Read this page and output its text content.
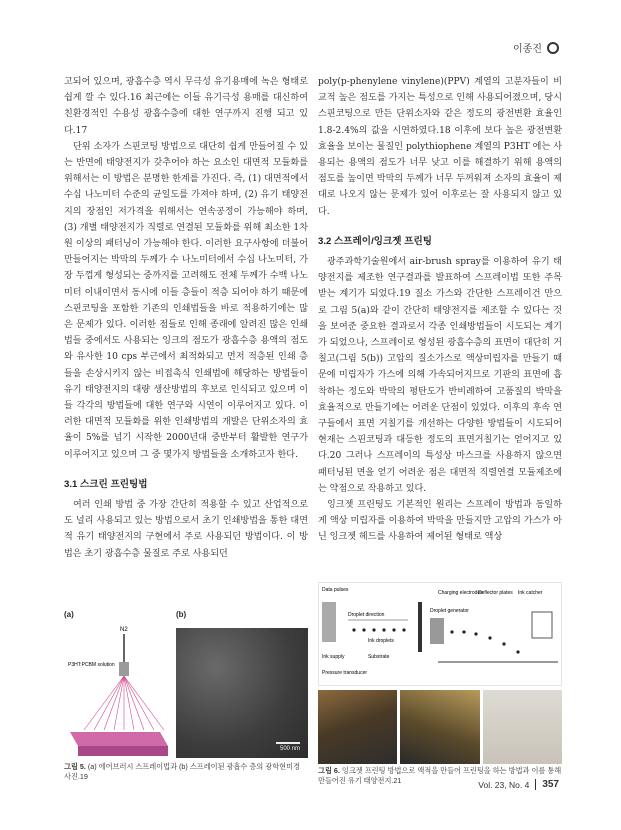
이종진

고되어 있으며, 광흡수층 역시 무극성 유기용매에 녹은 형태로 쉽게 깔 수 있다.16 최근에는 이들 유기극성 용매를 대신하여 친환경적인 수용성 광흡수층에 대한 연구까지 진행 되고 있다.17

단위 소자가 스핀코팅 방법으로 대단히 쉽게 만들어질 수 있는 반면에 태양전지가 갖추어야 하는 요소인 대면적 모듈화를 위해서는 이 방법은 분명한 한계를 가진다. 즉, (1) 대면적에서 수십 나노미터 수준의 균일도를 가져야 하며, (2) 유기 태양전지의 장점인 저가격을 위해서는 연속공정이 가능해야 하며, (3) 개별 태양전지가 직렬로 연결된 모듈화를 위해 최소한 1차원 이상의 패터닝이 가능해야 한다. 이러한 요구사항에 더불어 만들어지는 박막의 두께가 수 나노미터에서 수십 나노미터, 가장 두껍게 형성되는 중까지를 고려해도 전체 두께가 수백 나노미터 이내이면서 동시에 이들 층들이 적층 되어야 하기 때문에 스핀코팅을 포함한 기존의 인쇄법들을 바로 적용하기에는 많은 문제가 있다. 이러한 점들로 인해 종래에 알려진 많은 인쇄법들 중에서도 사용되는 잉크의 점도가 광흡수층 용액의 점도와 유사한 10 cps 부근에서 최적화되고 먼저 적층된 인쇄 층들을 손상시키지 않는 비접촉식 인쇄법에 해당하는 방법들이 유기 태양전지의 대량 생산방법의 후보로 인식되고 있으며 이들 각각의 방법들에 대한 연구와 시연이 이루어지고 있다. 이러한 대면적 모듈화를 위한 인쇄방법의 개발은 단위소자의 효율이 5%를 넘기 시작한 2000년대 중반부터 활발한 연구가 이루어지고 있으며 그 중 몇가지 방법들을 소개하고자 한다.

3.1 스크린 프린팅법

여러 인쇄 방법 중 가장 간단히 적용할 수 있고 산업적으로도 널리 사용되고 있는 방법으로서 초기 인쇄방법을 통한 대면적 유기 태양전지의 구현에서 주로 사용되던 방법이다. 이 방법은 초기 광흡수층 물질로 주로 사용되던

poly(p-phenylene vinylene)(PPV) 계열의 고분자들이 비교적 높은 점도를 가지는 특성으로 인해 사용되어졌으며, 당시 스핀코팅으로 만든 단위소자와 같은 정도의 광전변환 효율인 1.8-2.4%의 값을 시연하였다.18 이후에 보다 높은 광전변환 효율을 보이는 물질인 polythiophene 계열의 P3HT 에는 사용되는 용액의 점도가 너무 낮고 이를 해결하기 위해 용액의 점도를 높이면 박막의 두께가 너무 두꺼워져 소자의 효율이 제대로 나오지 않는 문제가 있어 이후로는 잘 사용되지 않고 있다.

3.2 스프레이/잉크젯 프린팅

광주과학기술원에서 air-brush spray를 이용하여 유기 태양전지를 제조한 연구결과를 발표하여 스프레이법 또한 주목받는 계기가 되었다.19 질소 가스와 간단한 스프레이건 만으로 그림 5(a)와 같이 간단히 태양전지를 제조할 수 있다는 것을 보여준 중요한 결과로서 각종 인쇄방법들이 시도되는 계기가 되었으나, 스프레이로 형성된 광흡수층의 표면이 대단히 거칠고(그림 5(b)) 고압의 질소가스로 액상미립자를 만들기 때문에 미립자가 가스에 의해 가속되어지므로 기판의 표면에 흡착하는 정도와 박막의 평탄도가 반비례하여 고품질의 박막을 효율적으로 만들기에는 어려운 단점이 있었다. 이후의 후속 연구들에서 표면 거칠기를 개선하는 다양한 방법들이 시도되어 현재는 스핀코팅과 대등한 정도의 표면거칠기는 얻어지고 있다.20 그러나 스프레이의 특성상 마스크를 사용하지 않으면 패터닝된 면을 얻기 어려운 점은 대면적 직렬연결 모듈제조에는 약점으로 작용하고 있다.

잉크젯 프린팅도 기본적인 원리는 스프레이 방법과 동일하게 액상 미립자를 이용하여 박막을 만들지만 고압의 가스가 아닌 잉크젯 헤드를 사용하여 제어된 형태로 액상

(a)	(b)
N2
P3HT:PCBM solution
500 nm
그림 5. (a) 에어브러시 스프레이법과 (b) 스프레이된 광흡수 층의 광학현미경 사진.19
Data pulses
Droplet direction
Ink droplets
Ink supply	Substrate
Pressure transducer
Charging electrodes
Deflector plates Ink catcher
Droplet generator
그림 6. 잉크젯 프린팅 방법으로 액적을 만들어 프린팅을 하는 방법과 이를 통해 만들어진 유기 태양전지.21	Vol. 23, No. 4	357
